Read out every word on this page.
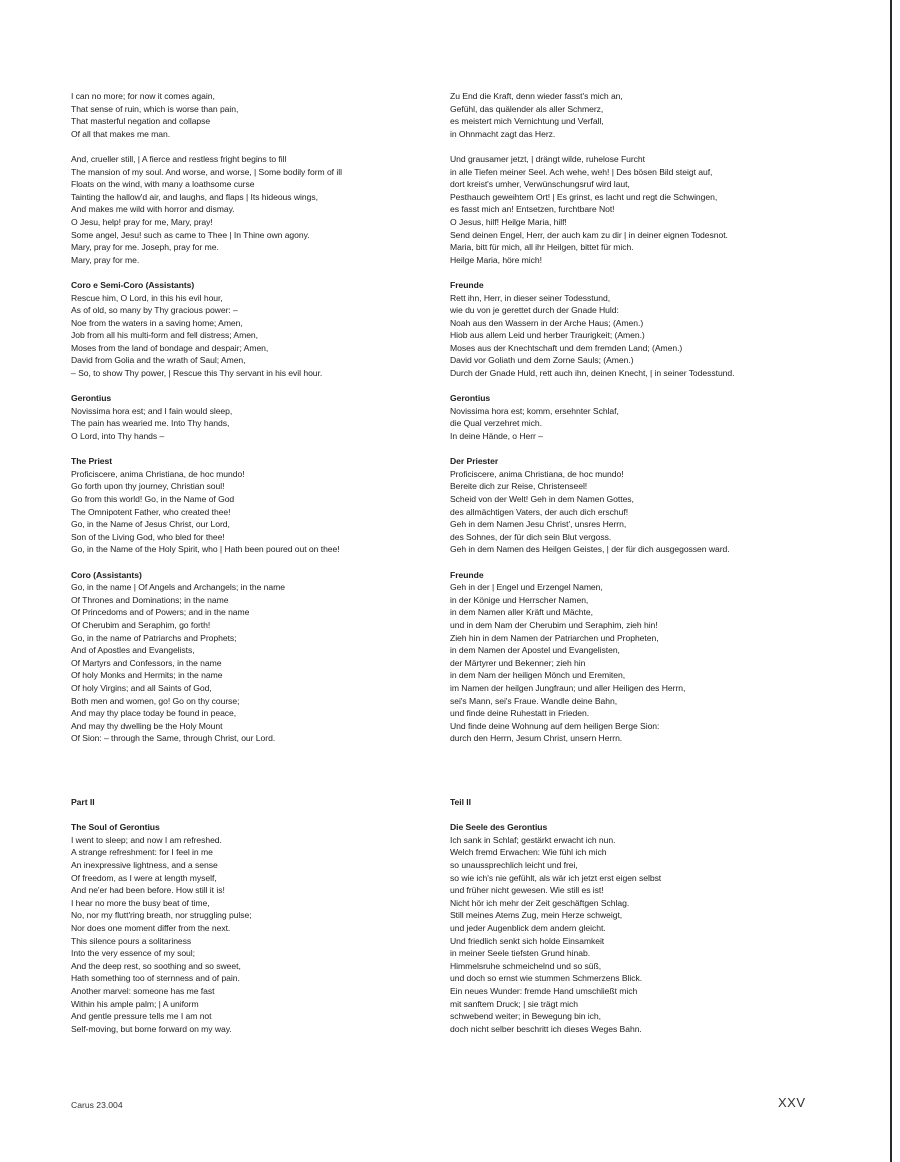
I can no more; for now it comes again,
That sense of ruin, which is worse than pain,
That masterful negation and collapse
Of all that makes me man.
And, crueller still, | A fierce and restless fright begins to fill
The mansion of my soul. And worse, and worse, | Some bodily form of ill
Floats on the wind, with many a loathsome curse
Tainting the hallow'd air, and laughs, and flaps | Its hideous wings,
And makes me wild with horror and dismay.
O Jesu, help! pray for me, Mary, pray!
Some angel, Jesu! such as came to Thee | In Thine own agony.
Mary, pray for me. Joseph, pray for me.
Mary, pray for me.
Coro e Semi-Coro (Assistants)
Rescue him, O Lord, in this his evil hour,
As of old, so many by Thy gracious power: –
Noe from the waters in a saving home; Amen,
Job from all his multi-form and fell distress; Amen,
Moses from the land of bondage and despair; Amen,
David from Golia and the wrath of Saul; Amen,
– So, to show Thy power, | Rescue this Thy servant in his evil hour.
Gerontius
Novissima hora est; and I fain would sleep,
The pain has wearied me. Into Thy hands,
O Lord, into Thy hands –
The Priest
Proficiscere, anima Christiana, de hoc mundo!
Go forth upon thy journey, Christian soul!
Go from this world! Go, in the Name of God
The Omnipotent Father, who created thee!
Go, in the Name of Jesus Christ, our Lord,
Son of the Living God, who bled for thee!
Go, in the Name of the Holy Spirit, who | Hath been poured out on thee!
Coro (Assistants)
Go, in the name | Of Angels and Archangels; in the name
Of Thrones and Dominations; in the name
Of Princedoms and of Powers; and in the name
Of Cherubim and Seraphim, go forth!
Go, in the name of Patriarchs and Prophets;
And of Apostles and Evangelists,
Of Martyrs and Confessors, in the name
Of holy Monks and Hermits; in the name
Of holy Virgins; and all Saints of God,
Both men and women, go! Go on thy course;
And may thy place today be found in peace,
And may thy dwelling be the Holy Mount
Of Sion: – through the Same, through Christ, our Lord.
Zu End die Kraft, denn wieder fasst's mich an,
Gefühl, das quälender als aller Schmerz,
es meistert mich Vernichtung und Verfall,
in Ohnmacht zagt das Herz.
Und grausamer jetzt, | drängt wilde, ruhelose Furcht
in alle Tiefen meiner Seel. Ach wehe, weh! | Des bösen Bild steigt auf,
dort kreist's umher, Verwünschungsruf wird laut,
Pesthauch geweihtem Ort! | Es grinst, es lacht und regt die Schwingen,
es fasst mich an! Entsetzen, furchtbare Not!
O Jesus, hilf! Heilge Maria, hilf!
Send deinen Engel, Herr, der auch kam zu dir | in deiner eignen Todesnot.
Maria, bitt für mich, all ihr Heilgen, bittet für mich.
Heilge Maria, höre mich!
Freunde
Rett ihn, Herr, in dieser seiner Todesstund,
wie du von je gerettet durch der Gnade Huld:
Noah aus den Wassern in der Arche Haus; (Amen.)
Hiob aus allem Leid und herber Traurigkeit; (Amen.)
Moses aus der Knechtschaft und dem fremden Land; (Amen.)
David vor Goliath und dem Zorne Sauls; (Amen.)
Durch der Gnade Huld, rett auch ihn, deinen Knecht, | in seiner Todesstund.
Gerontius
Novissima hora est; komm, ersehnter Schlaf,
die Qual verzehret mich.
In deine Hände, o Herr –
Der Priester
Proficiscere, anima Christiana, de hoc mundo!
Bereite dich zur Reise, Christenseel!
Scheid von der Welt! Geh in dem Namen Gottes,
des allmächtigen Vaters, der auch dich erschuf!
Geh in dem Namen Jesu Christ', unsres Herrn,
des Sohnes, der für dich sein Blut vergoss.
Geh in dem Namen des Heilgen Geistes, | der für dich ausgegossen ward.
Freunde
Geh in der | Engel und Erzengel Namen,
in der Könige und Herrscher Namen,
in dem Namen aller Kräft und Mächte,
und in dem Nam der Cherubim und Seraphim, zieh hin!
Zieh hin in dem Namen der Patriarchen und Propheten,
in dem Namen der Apostel und Evangelisten,
der Märtyrer und Bekenner; zieh hin
in dem Nam der heiligen Mönch und Eremiten,
im Namen der heilgen Jungfraun; und aller Heiligen des Herrn,
sei's Mann, sei's Fraue. Wandle deine Bahn,
und finde deine Ruhestatt in Frieden.
Und finde deine Wohnung auf dem heiligen Berge Sion:
durch den Herrn, Jesum Christ, unsern Herrn.
Part II
The Soul of Gerontius
I went to sleep; and now I am refreshed.
A strange refreshment: for I feel in me
An inexpressive lightness, and a sense
Of freedom, as I were at length myself,
And ne'er had been before. How still it is!
I hear no more the busy beat of time,
No, nor my flutt'ring breath, nor struggling pulse;
Nor does one moment differ from the next.
This silence pours a solitariness
Into the very essence of my soul;
And the deep rest, so soothing and so sweet,
Hath something too of sternness and of pain.
Another marvel: someone has me fast
Within his ample palm; | A uniform
And gentle pressure tells me I am not
Self-moving, but borne forward on my way.
Teil II
Die Seele des Gerontius
Ich sank in Schlaf; gestärkt erwacht ich nun.
Welch fremd Erwachen: Wie fühl ich mich
so unaussprechlich leicht und frei,
so wie ich's nie gefühlt, als wär ich jetzt erst eigen selbst
und früher nicht gewesen. Wie still es ist!
Nicht hör ich mehr der Zeit geschäftgen Schlag.
Still meines Atems Zug, mein Herze schweigt,
und jeder Augenblick dem andern gleicht.
Und friedlich senkt sich holde Einsamkeit
in meiner Seele tiefsten Grund hinab.
Himmelsruhe schmeichelnd und so süß,
und doch so ernst wie stummen Schmerzens Blick.
Ein neues Wunder: fremde Hand umschließt mich
mit sanftem Druck; | sie trägt mich
schwebend weiter; in Bewegung bin ich,
doch nicht selber beschritt ich dieses Weges Bahn.
Carus 23.004	XXV
